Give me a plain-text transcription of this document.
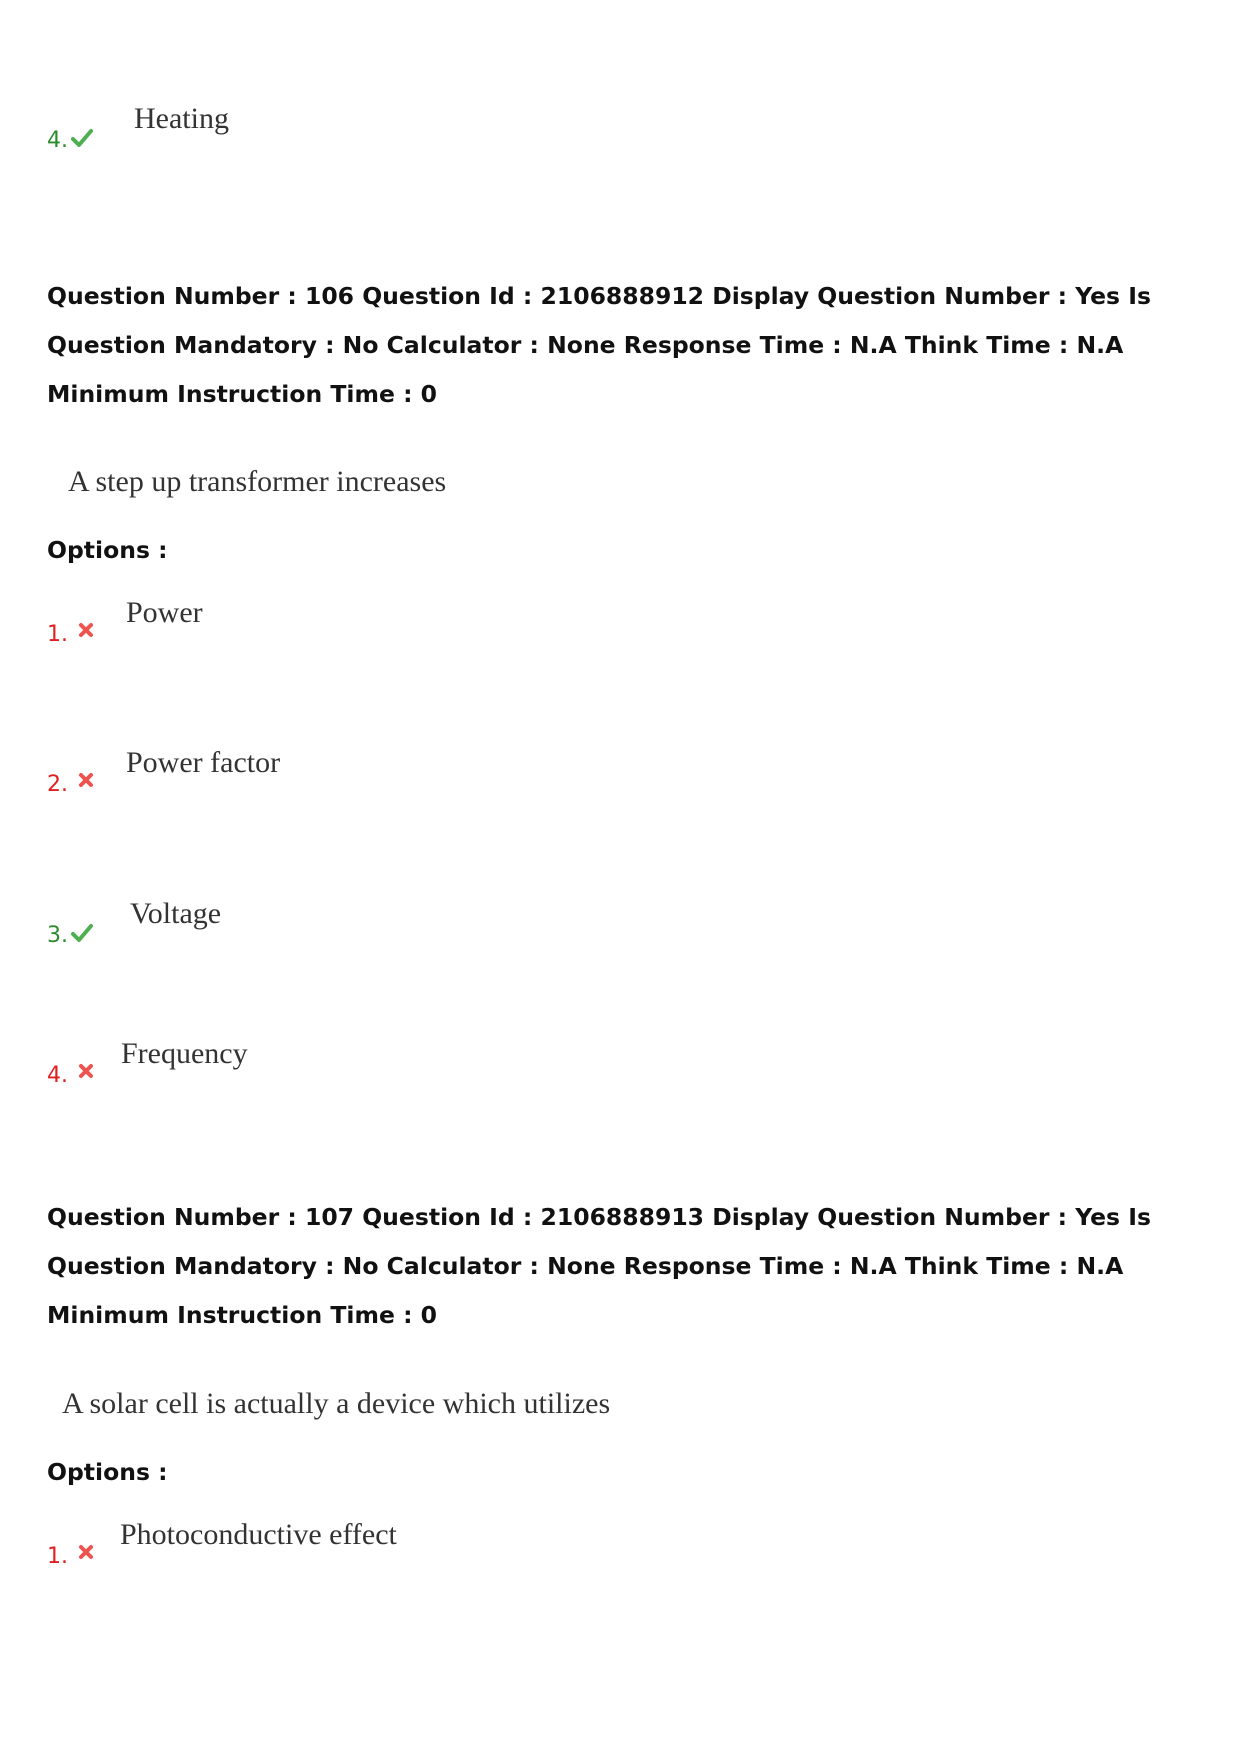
4.
Heating

Question Number : 106 Question Id : 2106888912 Display Question Number : Yes Is Question Mandatory : No Calculator : None Response Time : N.A Think Time : N.A Minimum Instruction Time : 0

A step up transformer increases
Options :
1.
Power
2.
Power factor
3.
Voltage
4.
Frequency

Question Number : 107 Question Id : 2106888913 Display Question Number : Yes Is Question Mandatory : No Calculator : None Response Time : N.A Think Time : N.A Minimum Instruction Time : 0

A solar cell is actually a device which utilizes
Options :
1.
Photoconductive effect
